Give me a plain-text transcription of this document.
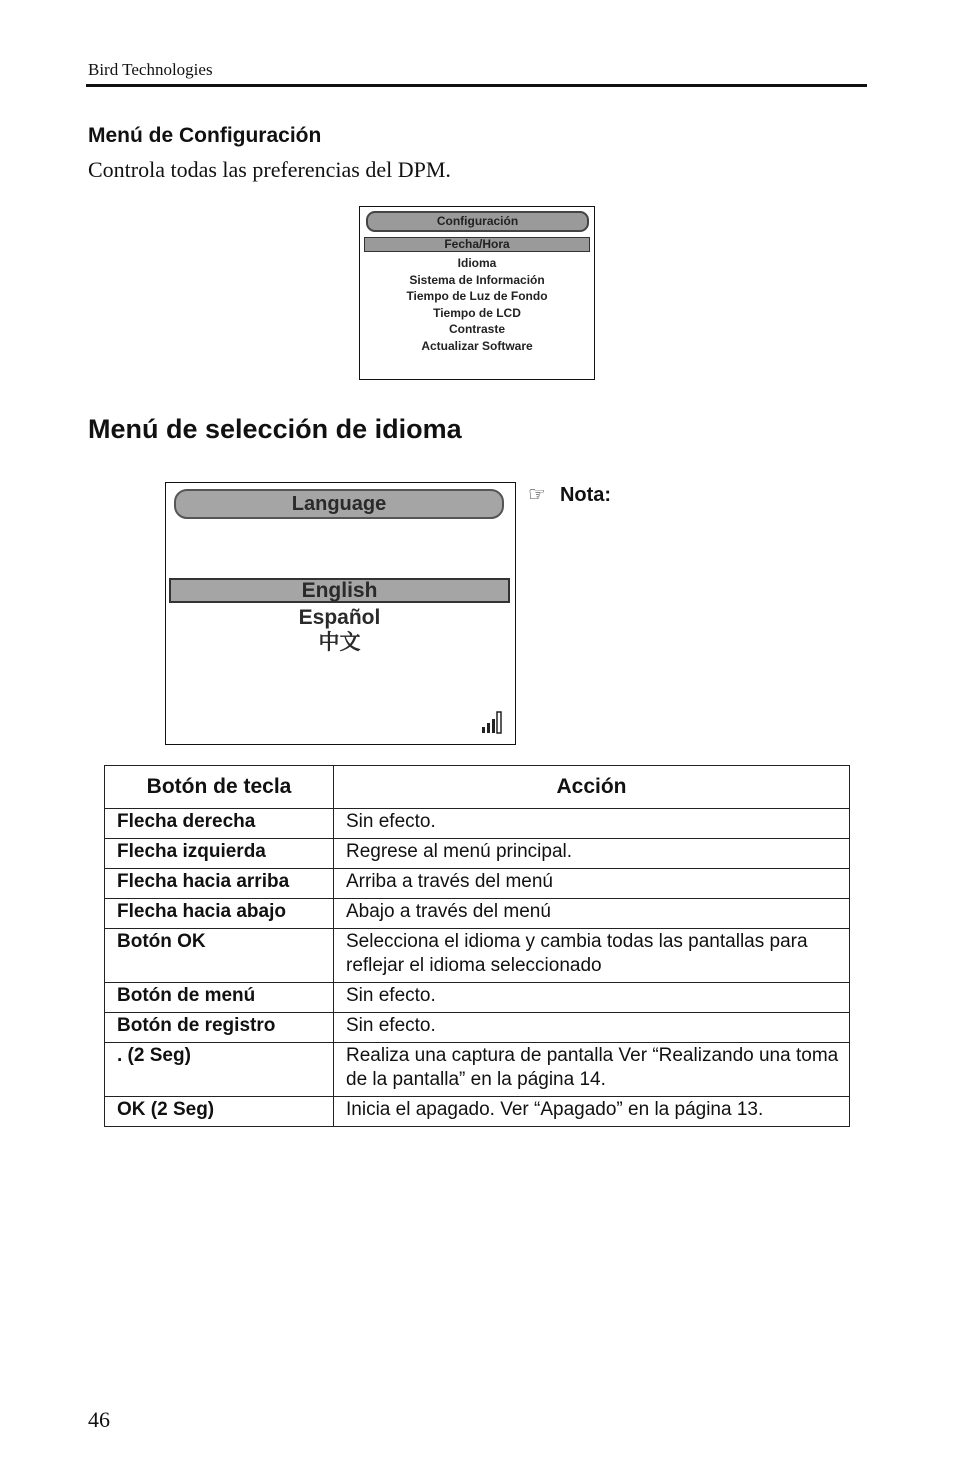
Bird Technologies
Menú de Configuración
Controla todas las preferencias del DPM.
Configuración
Fecha/Hora
Idioma
Sistema de Información
Tiempo de Luz de Fondo
Tiempo de LCD
Contraste
Actualizar Software
Menú de selección de idioma
Language
English
Español
中文
☞ Nota:
Botón de tecla	Acción
Flecha derecha	Sin efecto.
Flecha izquierda	Regrese al menú principal.
Flecha hacia arriba	Arriba a través del menú
Flecha hacia abajo	Abajo a través del menú
Botón OK	Selecciona el idioma y cambia todas las pantallas para reflejar el idioma seleccionado
Botón de menú	Sin efecto.
Botón de registro	Sin efecto.
. (2 Seg)	Realiza una captura de pantalla Ver “Realizando una toma de la pantalla” en la página 14.
OK (2 Seg)	Inicia el apagado. Ver “Apagado” en la página 13.
46
